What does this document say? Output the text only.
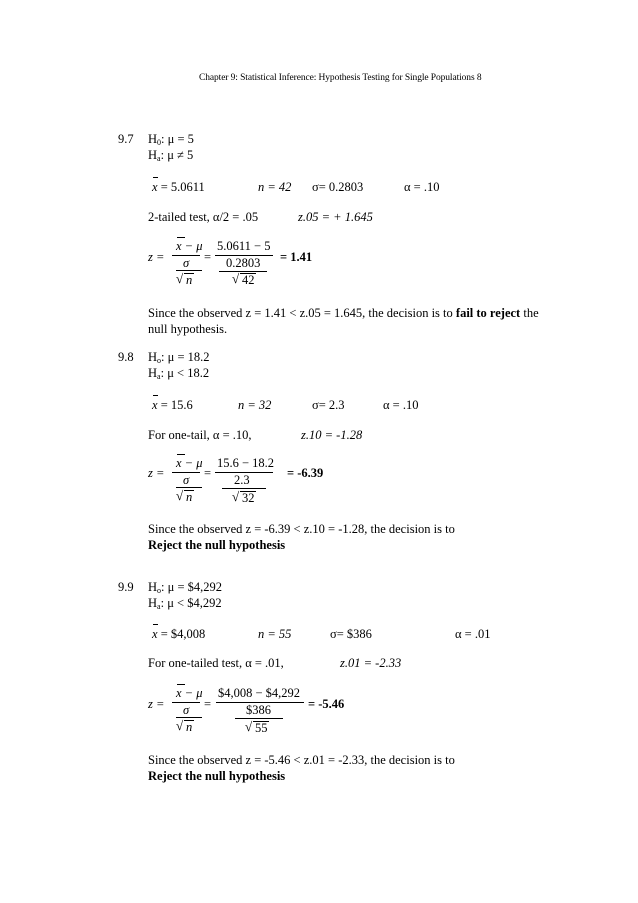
Chapter 9: Statistical Inference: Hypothesis Testing for Single Populations 8
9.7 H0: μ = 5
Ha: μ ≠ 5
x = 5.0611	n = 42 σ= 0.2803	α = .10
2-tailed test, α/2 = .05	z.05 = + 1.645
z =
x − μ
σ
√ n
=
5.0611 − 5
0.2803
√ 42
= 1.41
Since the observed z = 1.41 < z.05 = 1.645, the decision is to fail to reject the
null hypothesis.
9.8 Ho: μ = 18.2
Ha: μ < 18.2
x = 15.6	n = 32	σ= 2.3	α = .10
For one-tail, α = .10,	z.10 = -1.28
z =
x − μ
σ
√ n
=
15.6 − 18.2
2.3
√ 32
= -6.39
Since the observed z = -6.39 < z.10 = -1.28, the decision is to
Reject the null hypothesis
9.9 Ho: μ = $4,292
Ha: μ < $4,292
x = $4,008	n = 55	σ= $386	α = .01
For one-tailed test, α = .01,	z.01 = -2.33
z =
x − μ
σ
√ n
=
$4,008 − $4,292
$386
√ 55
= -5.46
Since the observed z = -5.46 < z.01 = -2.33, the decision is to
Reject the null hypothesis
